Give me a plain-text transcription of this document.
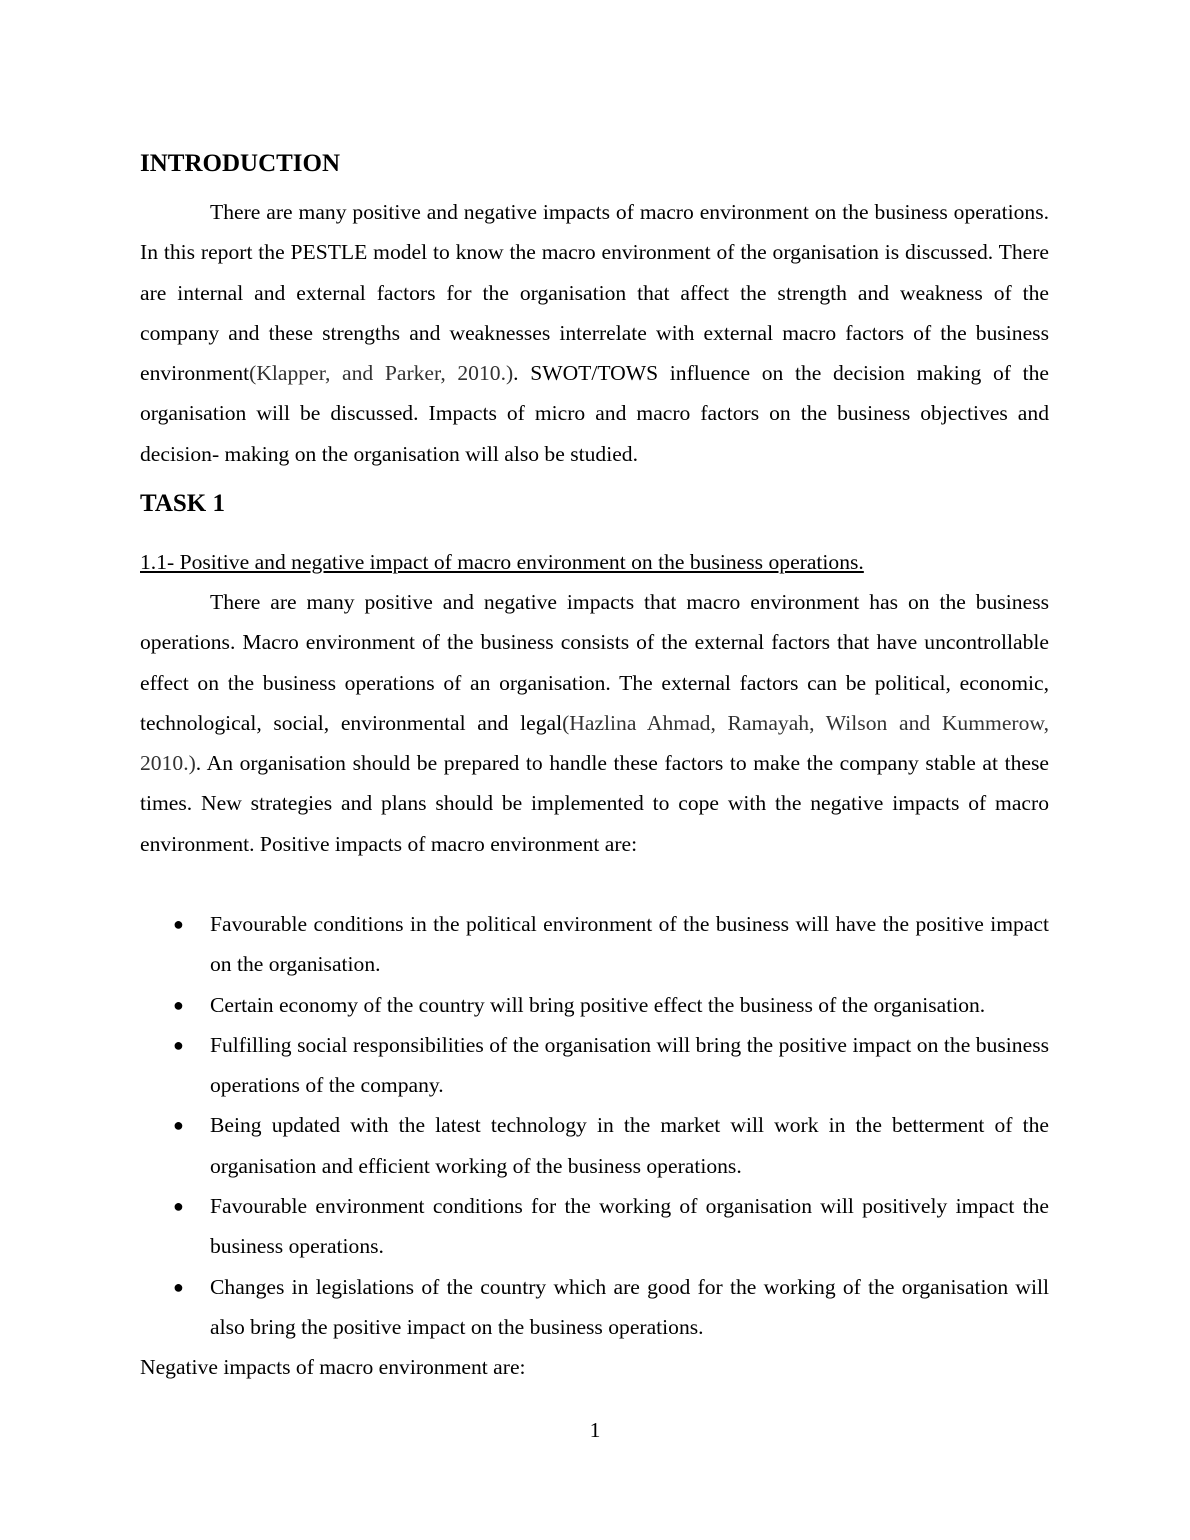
INTRODUCTION
There are many positive and negative impacts of macro environment on the business operations. In this report the PESTLE model to know the macro environment of the organisation is discussed. There are internal and external factors for the organisation that affect the strength and weakness of the company and these strengths and weaknesses interrelate with external macro factors of the business environment(Klapper, and Parker, 2010.). SWOT/TOWS influence on the decision making of the organisation will be discussed. Impacts of micro and macro factors on the business objectives and decision- making on the organisation will also be studied.
TASK 1
1.1- Positive and negative impact of macro environment on the business operations.
There are many positive and negative impacts that macro environment has on the business operations. Macro environment of the business consists of the external factors that have uncontrollable effect on the business operations of an organisation. The external factors can be political, economic, technological, social, environmental and legal(Hazlina Ahmad, Ramayah, Wilson and Kummerow, 2010.). An organisation should be prepared to handle these factors to make the company stable at these times. New strategies and plans should be implemented to cope with the negative impacts of macro environment. Positive impacts of macro environment are:
● Favourable conditions in the political environment of the business will have the positive impact on the organisation.
● Certain economy of the country will bring positive effect the business of the organisation.
● Fulfilling social responsibilities of the organisation will bring the positive impact on the business operations of the company.
● Being updated with the latest technology in the market will work in the betterment of the organisation and efficient working of the business operations.
● Favourable environment conditions for the working of organisation will positively impact the business operations.
● Changes in legislations of the country which are good for the working of the organisation will also bring the positive impact on the business operations.
Negative impacts of macro environment are:
1
